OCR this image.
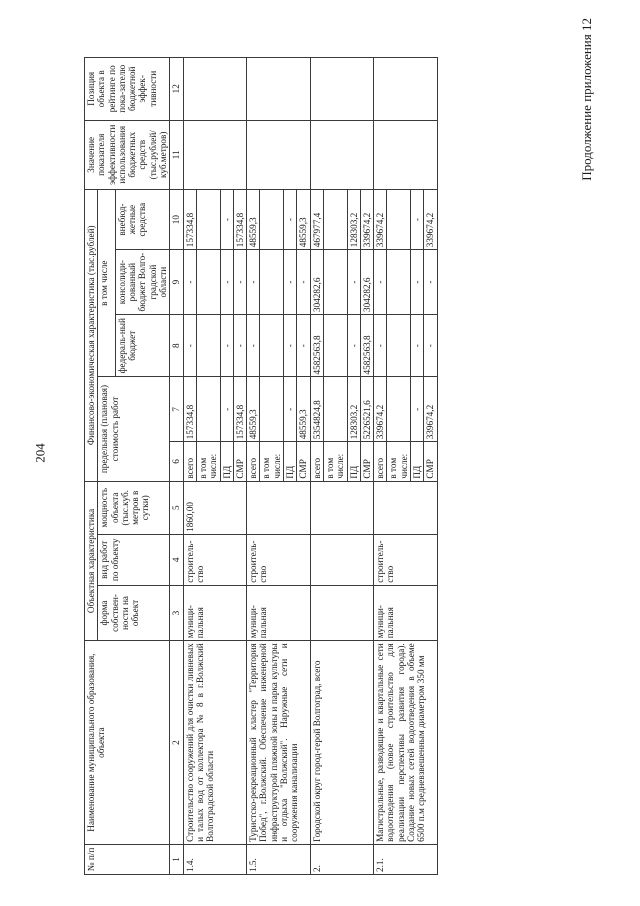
204
Продолжение приложения 12
№ п/п	Наименование муниципального образования, объекта	Объектная характеристика			Финансово-экономическая характеристика (тыс.рублей)					Значение показателя эффективности использования бюджетных средств (тыс.рублей/ куб.метров)	Позиция объекта в рейтинге по пока-зателю бюджетной эффек-тивности
		форма собствен-ности на объект	вид работ по объекту	мощность объекта (тыс.куб. метров в сутки)	предельная (плановая) стоимость работ		в том числе				
							федераль-ный бюджет	консолиди-рованный бюджет Волго-градской области	внебюд-жетные средства		
1	2	3	4	5	6	7	8	9	10	11	12
1.4.	Строительство сооружений для очистки ливневых и талых вод от коллектора № 8 в г.Волжский Волгоградской области	муници-пальная	строитель-ство	1860,00	всего	157334,8	-	-	157334,8		
					в том числе:						
					ПД	-	-	-	-		
					СМР	157334,8	-	-	157334,8		
1.5.	Туристско-рекреационный кластер "Территория Побед", г.Волжский. Обеспечение инженерной инфраструктурой пляжной зоны и парка культуры и отдыха "Волжский". Наружные сети и сооружения канализации	муници-пальная	строитель-ство		всего	48559,3	-	-	48559,3		
					в том числе:						
					ПД	-	-	-	-		
					СМР	48559,3	-	-	48559,3		
2.	Городской округ город-герой Волгоград, всего				всего	5354824,8	4582563,8	304282,6	467977,4		
					в том числе:						
					ПД	128303,2	-	-	128303,2		
					СМР	5226521,6	4582563,8	304282,6	339674,2		
2.1.	Магистральные, разводящие и квартальные сети водоотведения (новое строительство для реализации перспективы развития города). Создание новых сетей водоотведения в объеме 6500 п.м средневзвешенным диаметром 350 мм	муници-пальная	строитель-ство		всего	339674,2	-	-	339674,2		
					в том числе:						
					ПД	-	-	-	-		
					СМР	339674,2	-	-	339674,2		
